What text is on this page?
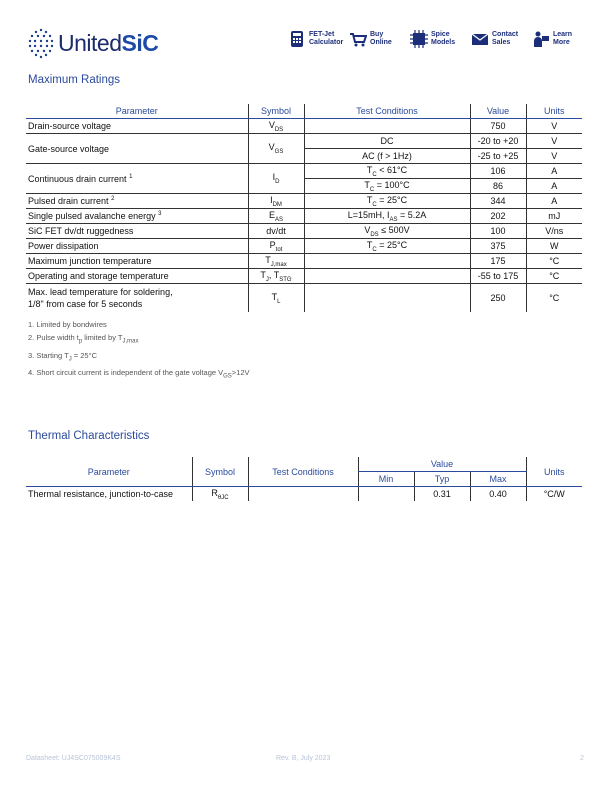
UnitedSiC	FET-Jet
Calculator
Buy
Online
Spice
Models
Contact
Sales
Learn
More
Maximum Ratings
Parameter	Symbol	Test Conditions	Value	Units
Drain-source voltage	$V_{DS}$		750	V
Gate-source voltage	$V_{GS}$	DC	-20 to +20	V
		AC (f > 1Hz)	-25 to +25	V
Continuous drain current $^1$	$I_D$	$T_C < 61^\circ C$	106	A
		$T_C = 100^\circ C$	86	A
Pulsed drain current $^2$	$I_{DM}$	$T_C = 25^\circ C$	344	A
Single pulsed avalanche energy $^3$	$E_{AS}$	L=15mH, $I_{AS} = 5.2A$	202	mJ
SiC FET dv/dt ruggedness	dv/dt	$V_{DS} \le 500V$	100	V/ns
Power dissipation	$P_{tot}$	$T_C = 25^\circ C$	375	W
Maximum junction temperature	$T_{J,max}$		175	°C
Operating and storage temperature	$T_J$, $T_{STG}$		-55 to 175	°C
Max. lead temperature for soldering,
1/8" from case for 5 seconds	$T_L$		250	°C
1. Limited by bondwires
2. Pulse width $t_p$ limited by $T_{J,max}$
3. Starting $T_J = 25^\circ C$
4. Short circuit current is independent of the gate voltage $V_{GS}>12V$
Thermal Characteristics
Parameter	Symbol	Test Conditions	Value			Units
			Min	Typ	Max	
Thermal resistance, junction-to-case	$R_{\theta JC}$			0.31	0.40	°C/W
Datasheet: UJ4SC075009K4S	Rev. B, July 2023	2
